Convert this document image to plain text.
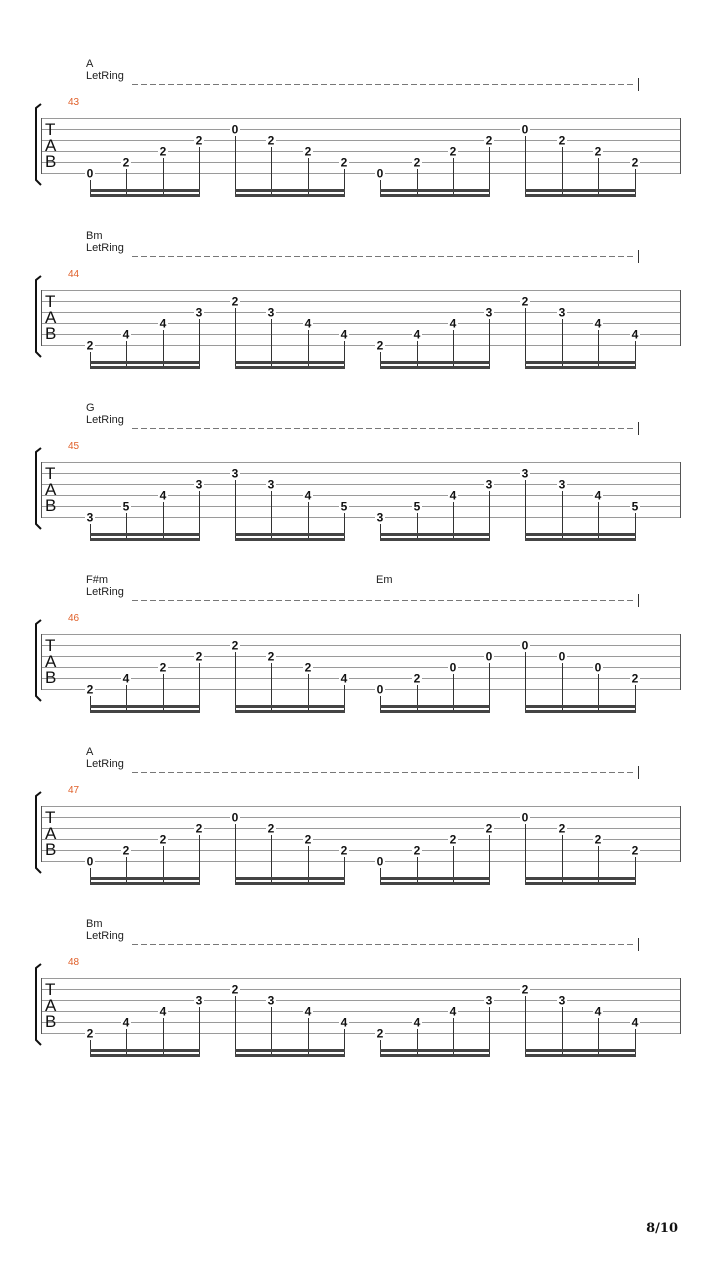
A
LetRing
43
T
A
B
0
2
2
2
0
2
2
2
0
2
2
2
0
2
2
2
Bm
LetRing
44
T
A
B
2
4
4
3
2
3
4
4
2
4
4
3
2
3
4
4
G
LetRing
45
T
A
B
3
5
4
3
3
3
4
5
3
5
4
3
3
3
4
5
F#m	Em
LetRing
46
T
A
B
2
4
2
2
2
2
2
4
0
2
0
0
0
0
0
2
A
LetRing
47
T
A
B
0
2
2
2
0
2
2
2
0
2
2
2
0
2
2
2
Bm
LetRing
48
T
A
B
2
4
4
3
2
3
4
4
2
4
4
3
2
3
4
4
8/10
